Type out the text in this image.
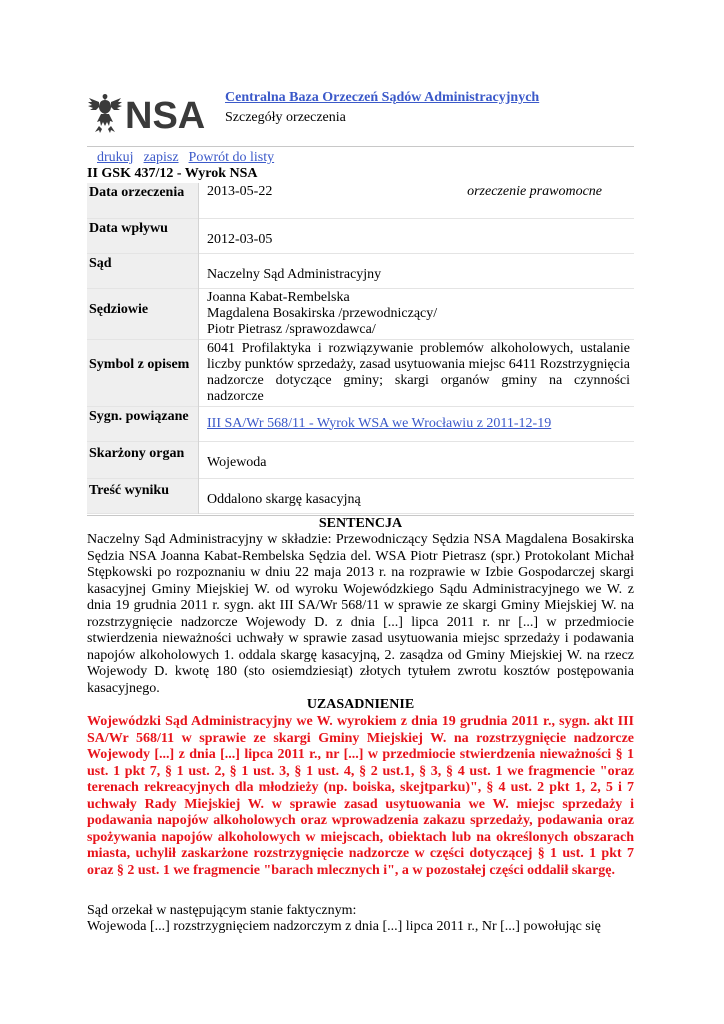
NSA Centralna Baza Orzeczeń Sądów Administracyjnych
Szczegóły orzeczenia
drukuj zapisz Powrót do listy
II GSK 437/12 - Wyrok NSA
Data orzeczenia	2013-05-22 orzeczenie prawomocne

Data wpływu	2012-03-05
Sąd	Naczelny Sąd Administracyjny
Sędziowie	Joanna Kabat-Rembelska
Magdalena Bosakirska /przewodniczący/
Piotr Pietrasz /sprawozdawca/

Symbol z opisem	6041 Profilaktyka i rozwiązywanie problemów alkoholowych, ustalanie liczby punktów sprzedaży, zasad usytuowania miejsc 6411 Rozstrzygnięcia nadzorcze dotyczące gminy; skargi organów gminy na czynności nadzorcze
Sygn. powiązane	III SA/Wr 568/11 - Wyrok WSA we Wrocławiu z 2011-12-19
Skarżony organ	Wojewoda
Treść wyniku	Oddalono skargę kasacyjną
SENTENCJA
Naczelny Sąd Administracyjny w składzie: Przewodniczący Sędzia NSA Magdalena Bosakirska Sędzia NSA Joanna Kabat-Rembelska Sędzia del. WSA Piotr Pietrasz (spr.) Protokolant Michał Stępkowski po rozpoznaniu w dniu 22 maja 2013 r. na rozprawie w Izbie Gospodarczej skargi kasacyjnej Gminy Miejskiej W. od wyroku Wojewódzkiego Sądu Administracyjnego we W. z dnia 19 grudnia 2011 r. sygn. akt III SA/Wr 568/11 w sprawie ze skargi Gminy Miejskiej W. na rozstrzygnięcie nadzorcze Wojewody D. z dnia [...] lipca 2011 r. nr [...] w przedmiocie stwierdzenia nieważności uchwały w sprawie zasad usytuowania miejsc sprzedaży i podawania napojów alkoholowych 1. oddala skargę kasacyjną, 2. zasądza od Gminy Miejskiej W. na rzecz Wojewody D. kwotę 180 (sto osiemdziesiąt) złotych tytułem zwrotu kosztów postępowania kasacyjnego.
UZASADNIENIE
Wojewódzki Sąd Administracyjny we W. wyrokiem z dnia 19 grudnia 2011 r., sygn. akt III SA/Wr 568/11 w sprawie ze skargi Gminy Miejskiej W. na rozstrzygnięcie nadzorcze Wojewody [...] z dnia [...] lipca 2011 r., nr [...] w przedmiocie stwierdzenia nieważności § 1 ust. 1 pkt 7, § 1 ust. 2, § 1 ust. 3, § 1 ust. 4, § 2 ust.1, § 3, § 4 ust. 1 we fragmencie "oraz terenach rekreacyjnych dla młodzieży (np. boiska, skejtparku)", § 4 ust. 2 pkt 1, 2, 5 i 7 uchwały Rady Miejskiej W. w sprawie zasad usytuowania we W. miejsc sprzedaży i podawania napojów alkoholowych oraz wprowadzenia zakazu sprzedaży, podawania oraz spożywania napojów alkoholowych w miejscach, obiektach lub na określonych obszarach miasta, uchylił zaskarżone rozstrzygnięcie nadzorcze w części dotyczącej § 1 ust. 1 pkt 7 oraz § 2 ust. 1 we fragmencie "barach mlecznych i", a w pozostałej części oddalił skargę.
Sąd orzekał w następującym stanie faktycznym:
Wojewoda [...] rozstrzygnięciem nadzorczym z dnia [...] lipca 2011 r., Nr [...] powołując się
